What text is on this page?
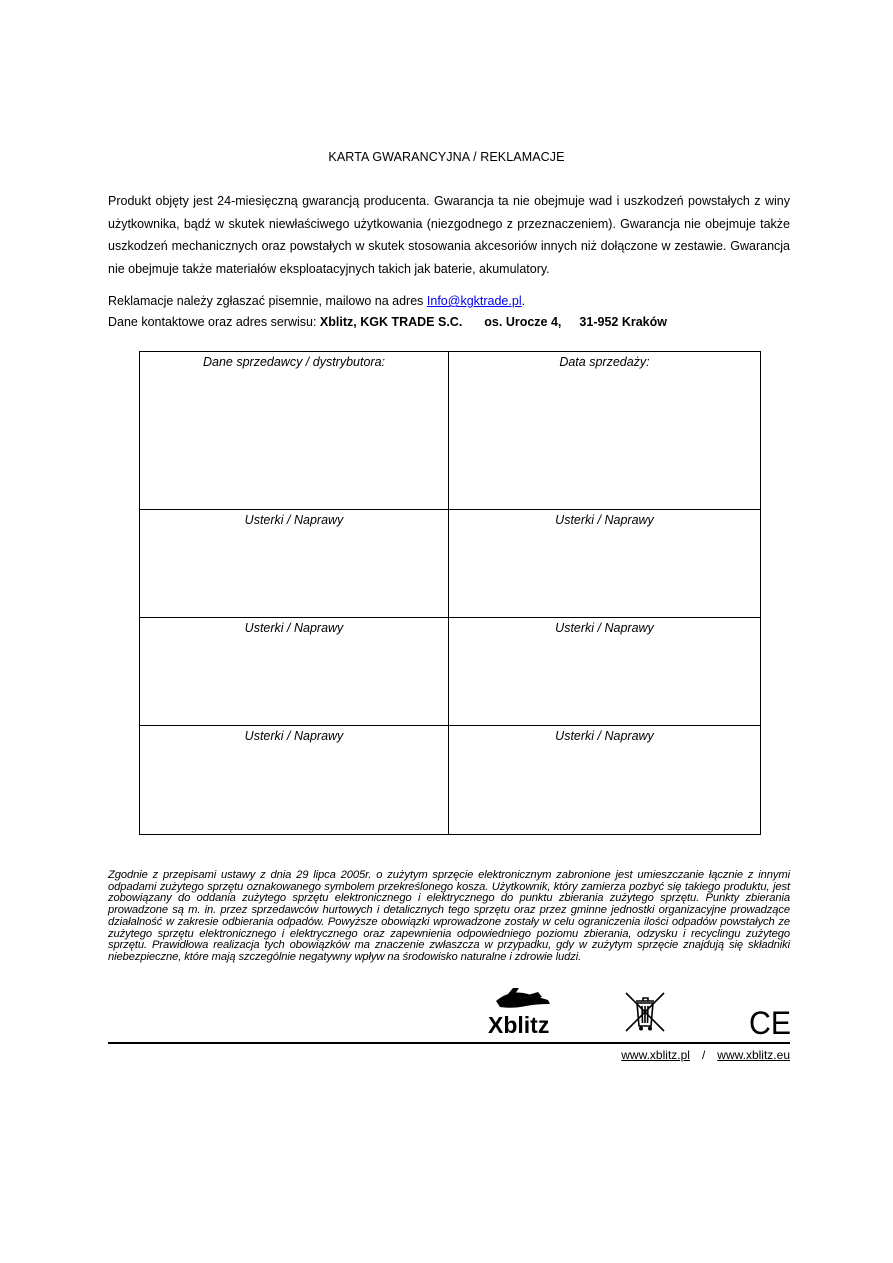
KARTA GWARANCYJNA / REKLAMACJE
Produkt objęty jest 24-miesięczną gwarancją producenta. Gwarancja ta nie obejmuje wad i uszkodzeń powstałych z winy użytkownika, bądź w skutek niewłaściwego użytkowania (niezgodnego z przeznaczeniem). Gwarancja nie obejmuje także uszkodzeń mechanicznych oraz powstałych w skutek stosowania akcesoriów innych niż dołączone w zestawie. Gwarancja nie obejmuje także materiałów eksploatacyjnych takich jak baterie, akumulatory.
Reklamacje należy zgłaszać pisemnie, mailowo na adres Info@kgktrade.pl.
Dane kontaktowe oraz adres serwisu: Xblitz, KGK TRADE S.C. os. Urocze 4, 31-952 Kraków
Dane sprzedawcy / dystrybutora:	Data sprzedaży:
Usterki / Naprawy	Usterki / Naprawy
Usterki / Naprawy	Usterki / Naprawy
Usterki / Naprawy	Usterki / Naprawy
Zgodnie z przepisami ustawy z dnia 29 lipca 2005r. o zużytym sprzęcie elektronicznym zabronione jest umieszczanie łącznie z innymi odpadami zużytego sprzętu oznakowanego symbolem przekreślonego kosza. Użytkownik, który zamierza pozbyć się takiego produktu, jest zobowiązany do oddania zużytego sprzętu elektronicznego i elektrycznego do punktu zbierania zużytego sprzętu. Punkty zbierania prowadzone są m. in. przez sprzedawców hurtowych i detalicznych tego sprzętu oraz przez gminne jednostki organizacyjne prowadzące działalność w zakresie odbierania odpadów. Powyższe obowiązki wprowadzone zostały w celu ograniczenia ilości odpadów powstałych ze zużytego sprzętu elektronicznego i elektrycznego oraz zapewnienia odpowiedniego poziomu zbierania, odzysku i recyclingu zużytego sprzętu. Prawidłowa realizacja tych obowiązków ma znaczenie zwłaszcza w przypadku, gdy w zużytym sprzęcie znajdują się składniki niebezpieczne, które mają szczególnie negatywny wpływ na środowisko naturalne i zdrowie ludzi.
Xblitz	CE
www.xblitz.pl / www.xblitz.eu
